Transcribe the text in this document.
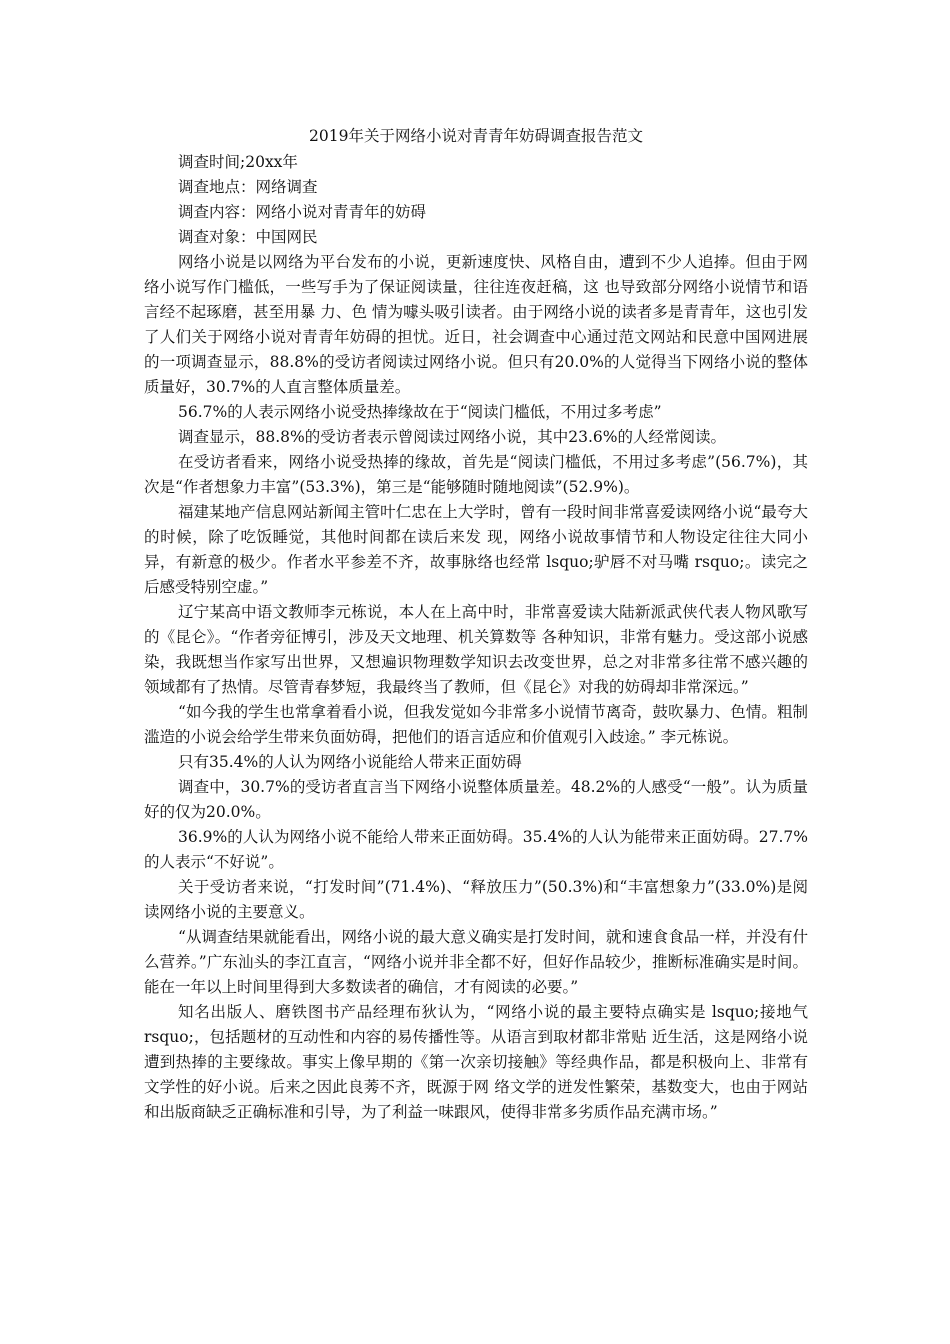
2019年关于网络小说对青青年妨碍调查报告范文

调查时间;20xx年

调查地点：网络调查

调查内容：网络小说对青青年的妨碍

调查对象：中国网民

网络小说是以网络为平台发布的小说，更新速度快、风格自由，遭到不少人追捧。但由于网络小说写作门槛低，一些写手为了保证阅读量，往往连夜赶稿，这 也导致部分网络小说情节和语言经不起琢磨，甚至用暴 力、色 情为噱头吸引读者。由于网络小说的读者多是青青年，这也引发了人们关于网络小说对青青年妨碍的担忧。近日，社会调查中心通过范文网站和民意中国网进展的一项调查显示，88.8%的受访者阅读过网络小说。但只有20.0%的人觉得当下网络小说的整体质量好，30.7%的人直言整体质量差。

56.7%的人表示网络小说受热捧缘故在于“阅读门槛低，不用过多考虑”

调查显示，88.8%的受访者表示曾阅读过网络小说，其中23.6%的人经常阅读。

在受访者看来，网络小说受热捧的缘故，首先是“阅读门槛低，不用过多考虑”(56.7%)，其次是“作者想象力丰富”(53.3%)，第三是“能够随时随地阅读”(52.9%)。

福建某地产信息网站新闻主管叶仁忠在上大学时，曾有一段时间非常喜爱读网络小说“最夸大的时候，除了吃饭睡觉，其他时间都在读后来发 现，网络小说故事情节和人物设定往往大同小异，有新意的极少。作者水平参差不齐，故事脉络也经常 lsquo;驴唇不对马嘴 rsquo;。读完之后感受特别空虚。”

辽宁某高中语文教师李元栋说，本人在上高中时，非常喜爱读大陆新派武侠代表人物风歌写的《昆仑》。“作者旁征博引，涉及天文地理、机关算数等 各种知识，非常有魅力。受这部小说感染，我既想当作家写出世界，又想遍识物理数学知识去改变世界，总之对非常多往常不感兴趣的领域都有了热情。尽管青春梦短，我最终当了教师，但《昆仑》对我的妨碍却非常深远。”

“如今我的学生也常拿着看小说，但我发觉如今非常多小说情节离奇，鼓吹暴力、色情。粗制滥造的小说会给学生带来负面妨碍，把他们的语言适应和价值观引入歧途。” 李元栋说。

只有35.4%的人认为网络小说能给人带来正面妨碍

调查中，30.7%的受访者直言当下网络小说整体质量差。48.2%的人感受“一般”。认为质量好的仅为20.0%。

36.9%的人认为网络小说不能给人带来正面妨碍。35.4%的人认为能带来正面妨碍。27.7%的人表示“不好说”。

关于受访者来说，“打发时间”(71.4%)、“释放压力”(50.3%)和“丰富想象力”(33.0%)是阅读网络小说的主要意义。

“从调查结果就能看出，网络小说的最大意义确实是打发时间，就和速食食品一样，并没有什么营养。”广东汕头的李江直言，“网络小说并非全都不好，但好作品较少，推断标准确实是时间。能在一年以上时间里得到大多数读者的确信，才有阅读的必要。”

知名出版人、磨铁图书产品经理布狄认为，“网络小说的最主要特点确实是 lsquo;接地气 rsquo;，包括题材的互动性和内容的易传播性等。从语言到取材都非常贴 近生活，这是网络小说遭到热捧的主要缘故。事实上像早期的《第一次亲切接触》等经典作品，都是积极向上、非常有文学性的好小说。后来之因此良莠不齐，既源于网 络文学的迸发性繁荣，基数变大，也由于网站和出版商缺乏正确标准和引导，为了利益一味跟风，使得非常多劣质作品充满市场。”
